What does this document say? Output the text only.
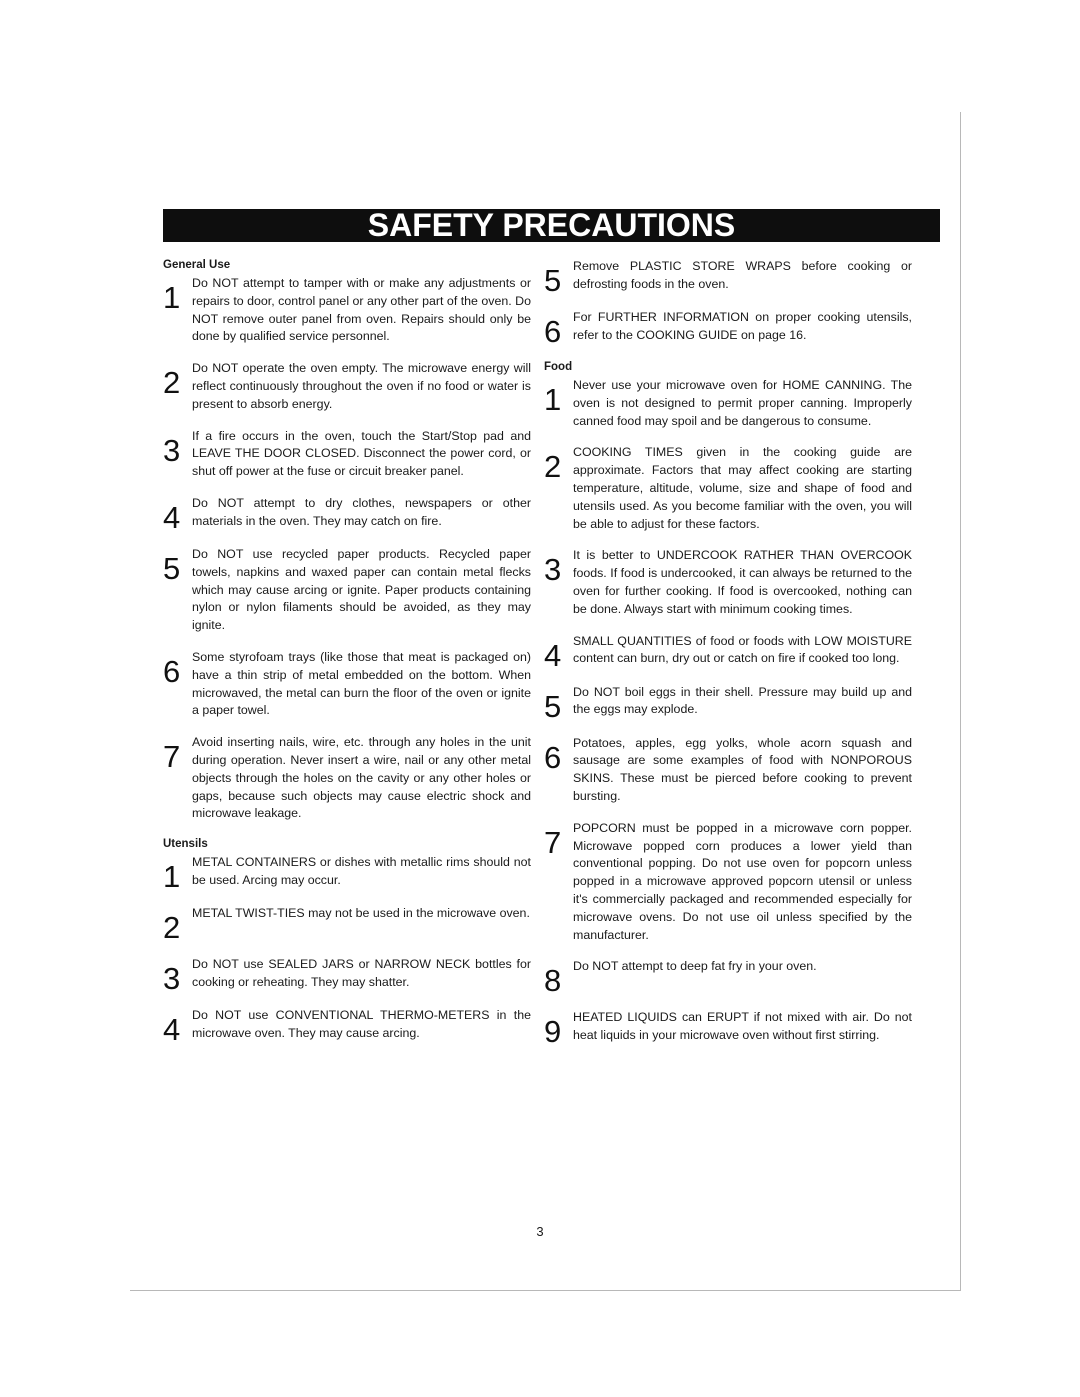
SAFETY PRECAUTIONS
General Use
1 Do NOT attempt to tamper with or make any adjustments or repairs to door, control panel or any other part of the oven. Do NOT remove outer panel from oven. Repairs should only be done by qualified service personnel.
2 Do NOT operate the oven empty. The microwave energy will reflect continuously throughout the oven if no food or water is present to absorb energy.
3 If a fire occurs in the oven, touch the Start/Stop pad and LEAVE THE DOOR CLOSED. Disconnect the power cord, or shut off power at the fuse or circuit breaker panel.
4 Do NOT attempt to dry clothes, newspapers or other materials in the oven. They may catch on fire.
5 Do NOT use recycled paper products. Recycled paper towels, napkins and waxed paper can contain metal flecks which may cause arcing or ignite. Paper products containing nylon or nylon filaments should be avoided, as they may ignite.
6 Some styrofoam trays (like those that meat is packaged on) have a thin strip of metal embedded on the bottom. When microwaved, the metal can burn the floor of the oven or ignite a paper towel.
7 Avoid inserting nails, wire, etc. through any holes in the unit during operation. Never insert a wire, nail or any other metal objects through the holes on the cavity or any other holes or gaps, because such objects may cause electric shock and microwave leakage.
Utensils
1 METAL CONTAINERS or dishes with metallic rims should not be used. Arcing may occur.
2 METAL TWIST-TIES may not be used in the microwave oven.
3 Do NOT use SEALED JARS or NARROW NECK bottles for cooking or reheating. They may shatter.
4 Do NOT use CONVENTIONAL THERMO-METERS in the microwave oven. They may cause arcing.
5 Remove PLASTIC STORE WRAPS before cooking or defrosting foods in the oven.
6 For FURTHER INFORMATION on proper cooking utensils, refer to the COOKING GUIDE on page 16.
Food
1 Never use your microwave oven for HOME CANNING. The oven is not designed to permit proper canning. Improperly canned food may spoil and be dangerous to consume.
2 COOKING TIMES given in the cooking guide are approximate. Factors that may affect cooking are starting temperature, altitude, volume, size and shape of food and utensils used. As you become familiar with the oven, you will be able to adjust for these factors.
3 It is better to UNDERCOOK RATHER THAN OVERCOOK foods. If food is undercooked, it can always be returned to the oven for further cooking. If food is overcooked, nothing can be done. Always start with minimum cooking times.
4 SMALL QUANTITIES of food or foods with LOW MOISTURE content can burn, dry out or catch on fire if cooked too long.
5 Do NOT boil eggs in their shell. Pressure may build up and the eggs may explode.
6 Potatoes, apples, egg yolks, whole acorn squash and sausage are some examples of food with NONPOROUS SKINS. These must be pierced before cooking to prevent bursting.
7 POPCORN must be popped in a microwave corn popper. Microwave popped corn produces a lower yield than conventional popping. Do not use oven for popcorn unless popped in a microwave approved popcorn utensil or unless it's commercially packaged and recommended especially for microwave ovens. Do not use oil unless specified by the manufacturer.
8 Do NOT attempt to deep fat fry in your oven.
9 HEATED LIQUIDS can ERUPT if not mixed with air. Do not heat liquids in your microwave oven without first stirring.
3
